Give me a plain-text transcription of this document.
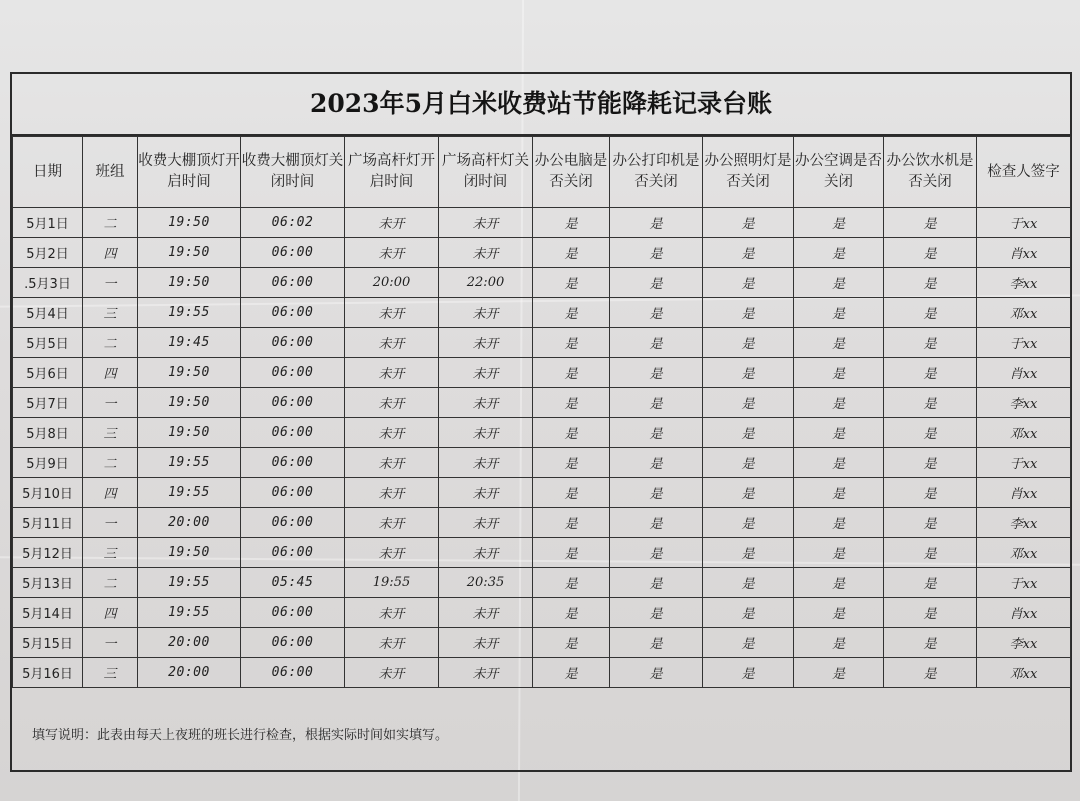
2023年5月白米收费站节能降耗记录台账
日期	班组	收费大棚顶灯开启时间	收费大棚顶灯关闭时间	广场高杆灯开启时间	广场高杆灯关闭时间	办公电脑是否关闭	办公打印机是否关闭	办公照明灯是否关闭	办公空调是否关闭	办公饮水机是否关闭	检查人签字
5月1日	二	19:50	06:02	未开	未开	是	是	是	是	是	于xx
5月2日	四	19:50	06:00	未开	未开	是	是	是	是	是	肖xx
.5月3日	一	19:50	06:00	20:00	22:00	是	是	是	是	是	李xx
5月4日	三	19:55	06:00	未开	未开	是	是	是	是	是	邓xx
5月5日	二	19:45	06:00	未开	未开	是	是	是	是	是	于xx
5月6日	四	19:50	06:00	未开	未开	是	是	是	是	是	肖xx
5月7日	一	19:50	06:00	未开	未开	是	是	是	是	是	李xx
5月8日	三	19:50	06:00	未开	未开	是	是	是	是	是	邓xx
5月9日	二	19:55	06:00	未开	未开	是	是	是	是	是	于xx
5月10日	四	19:55	06:00	未开	未开	是	是	是	是	是	肖xx
5月11日	一	20:00	06:00	未开	未开	是	是	是	是	是	李xx
5月12日	三	19:50	06:00	未开	未开	是	是	是	是	是	邓xx
5月13日	二	19:55	05:45	19:55	20:35	是	是	是	是	是	于xx
5月14日	四	19:55	06:00	未开	未开	是	是	是	是	是	肖xx
5月15日	一	20:00	06:00	未开	未开	是	是	是	是	是	李xx
5月16日	三	20:00	06:00	未开	未开	是	是	是	是	是	邓xx
填写说明：此表由每天上夜班的班长进行检查，根据实际时间如实填写。
